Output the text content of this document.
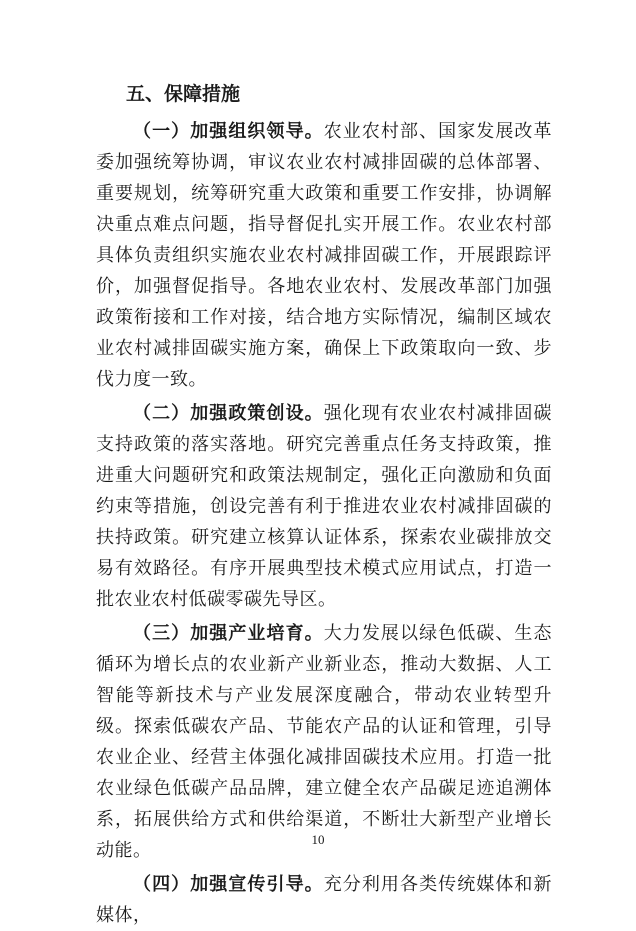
五、保障措施

（一）加强组织领导。农业农村部、国家发展改革委加强统筹协调，审议农业农村减排固碳的总体部署、重要规划，统筹研究重大政策和重要工作安排，协调解决重点难点问题，指导督促扎实开展工作。农业农村部具体负责组织实施农业农村减排固碳工作，开展跟踪评价，加强督促指导。各地农业农村、发展改革部门加强政策衔接和工作对接，结合地方实际情况，编制区域农业农村减排固碳实施方案，确保上下政策取向一致、步伐力度一致。

（二）加强政策创设。强化现有农业农村减排固碳支持政策的落实落地。研究完善重点任务支持政策，推进重大问题研究和政策法规制定，强化正向激励和负面约束等措施，创设完善有利于推进农业农村减排固碳的扶持政策。研究建立核算认证体系，探索农业碳排放交易有效路径。有序开展典型技术模式应用试点，打造一批农业农村低碳零碳先导区。

（三）加强产业培育。大力发展以绿色低碳、生态循环为增长点的农业新产业新业态，推动大数据、人工智能等新技术与产业发展深度融合，带动农业转型升级。探索低碳农产品、节能农产品的认证和管理，引导农业企业、经营主体强化减排固碳技术应用。打造一批农业绿色低碳产品品牌，建立健全农产品碳足迹追溯体系，拓展供给方式和供给渠道，不断壮大新型产业增长动能。

（四）加强宣传引导。充分利用各类传统媒体和新媒体，

10
